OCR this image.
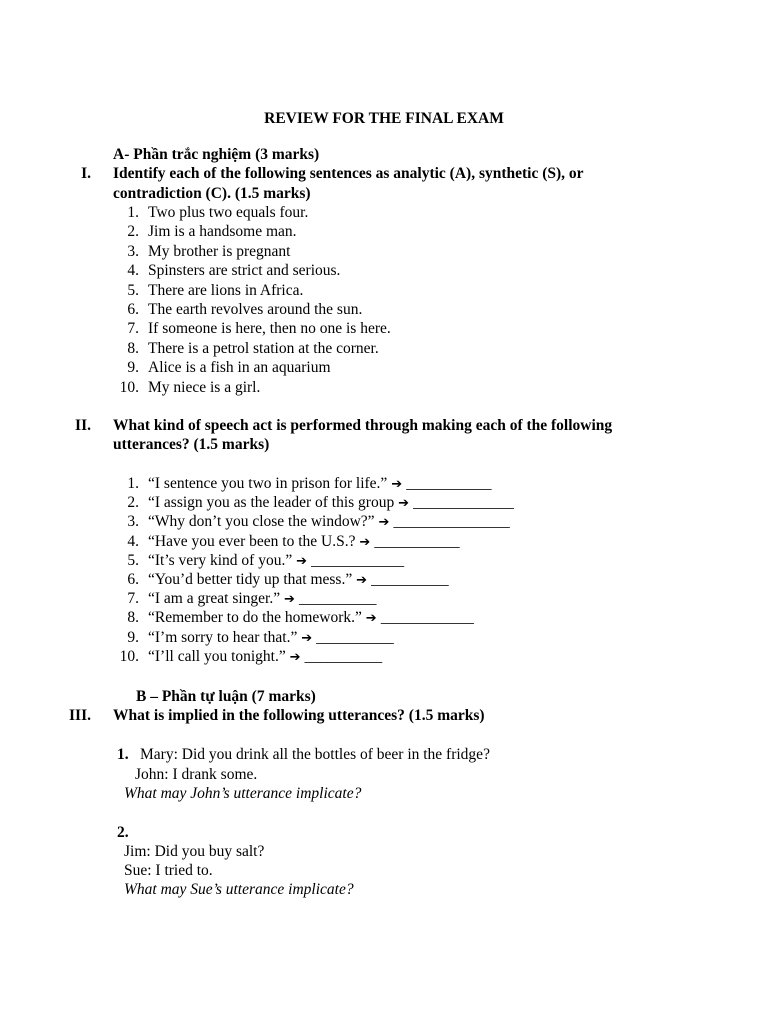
REVIEW FOR THE FINAL EXAM
A- Phần trắc nghiệm (3 marks)
I. Identify each of the following sentences as analytic (A), synthetic (S), or
contradiction (C). (1.5 marks)
1. Two plus two equals four.
2. Jim is a handsome man.
3. My brother is pregnant
4. Spinsters are strict and serious.
5. There are lions in Africa.
6. The earth revolves around the sun.
7. If someone is here, then no one is here.
8. There is a petrol station at the corner.
9. Alice is a fish in an aquarium
10. My niece is a girl.
II. What kind of speech act is performed through making each of the following
utterances? (1.5 marks)
1. “I sentence you two in prison for life.” ➔ ___________
2. “I assign you as the leader of this group ➔ _____________
3. “Why don’t you close the window?” ➔ _______________
4. “Have you ever been to the U.S.? ➔ ___________
5. “It’s very kind of you.” ➔ ____________
6. “You’d better tidy up that mess.” ➔ __________
7. “I am a great singer.” ➔ __________
8. “Remember to do the homework.” ➔ ____________
9. “I’m sorry to hear that.” ➔ __________
10. “I’ll call you tonight.” ➔ __________
B – Phần tự luận (7 marks)
III. What is implied in the following utterances? (1.5 marks)
1. Mary: Did you drink all the bottles of beer in the fridge?
John: I drank some.
What may John’s utterance implicate?
2.
Jim: Did you buy salt?
Sue: I tried to.
What may Sue’s utterance implicate?
